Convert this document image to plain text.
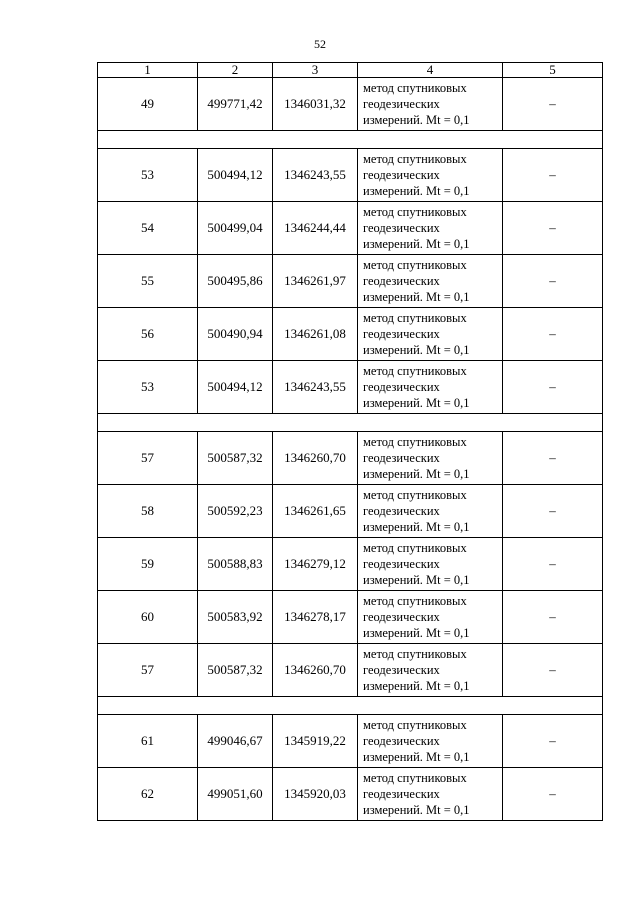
52
1	2	3	4	5
49	499771,42	1346031,32	метод спутниковых
геодезических
измерений. Mt = 0,1	–

53	500494,12	1346243,55	метод спутниковых
геодезических
измерений. Mt = 0,1	–
54	500499,04	1346244,44	метод спутниковых
геодезических
измерений. Mt = 0,1	–
55	500495,86	1346261,97	метод спутниковых
геодезических
измерений. Mt = 0,1	–
56	500490,94	1346261,08	метод спутниковых
геодезических
измерений. Mt = 0,1	–
53	500494,12	1346243,55	метод спутниковых
геодезических
измерений. Mt = 0,1	–

57	500587,32	1346260,70	метод спутниковых
геодезических
измерений. Mt = 0,1	–
58	500592,23	1346261,65	метод спутниковых
геодезических
измерений. Mt = 0,1	–
59	500588,83	1346279,12	метод спутниковых
геодезических
измерений. Mt = 0,1	–
60	500583,92	1346278,17	метод спутниковых
геодезических
измерений. Mt = 0,1	–
57	500587,32	1346260,70	метод спутниковых
геодезических
измерений. Mt = 0,1	–

61	499046,67	1345919,22	метод спутниковых
геодезических
измерений. Mt = 0,1	–
62	499051,60	1345920,03	метод спутниковых
геодезических
измерений. Mt = 0,1	–
